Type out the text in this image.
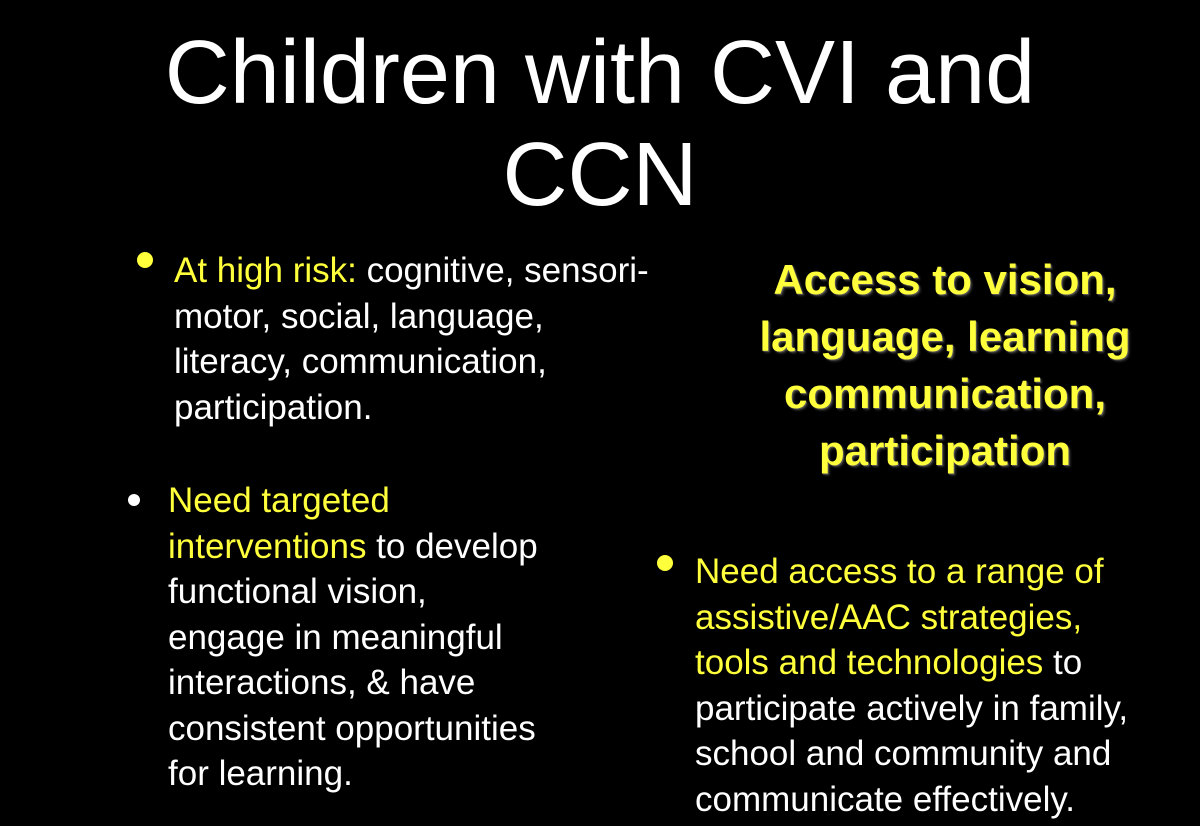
Children with CVI and
CCN
At high risk: cognitive, sensori-
motor, social, language,
literacy, communication,
participation.
Need targeted
interventions to develop
functional vision,
engage in meaningful
interactions, & have
consistent opportunities
for learning.
Access to vision,
language, learning
communication,
participation
Need access to a range of
assistive/AAC strategies,
tools and technologies to
participate actively in family,
school and community and
communicate effectively.
